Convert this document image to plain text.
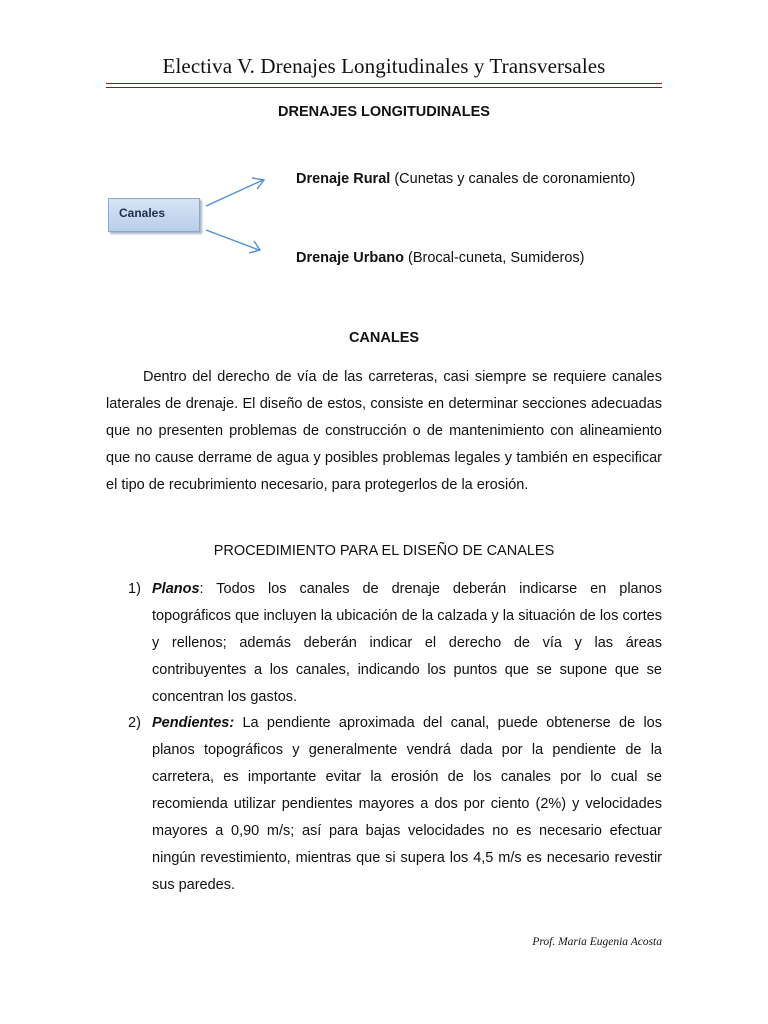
Electiva V. Drenajes Longitudinales y Transversales
DRENAJES LONGITUDINALES
Canales
Drenaje Rural (Cunetas y canales de coronamiento)
Drenaje Urbano (Brocal-cuneta, Sumideros)
CANALES
Dentro del derecho de vía de las carreteras, casi siempre se requiere canales laterales de drenaje. El diseño de estos, consiste en determinar secciones adecuadas que no presenten problemas de construcción o de mantenimiento con alineamiento que no cause derrame de agua y posibles problemas legales y también en especificar el tipo de recubrimiento necesario, para protegerlos de la erosión.
PROCEDIMIENTO PARA EL DISEÑO DE CANALES
1) Planos: Todos los canales de drenaje deberán indicarse en planos topográficos que incluyen la ubicación de la calzada y la situación de los cortes y rellenos; además deberán indicar el derecho de vía y las áreas contribuyentes a los canales, indicando los puntos que se supone que se concentran los gastos.
2) Pendientes: La pendiente aproximada del canal, puede obtenerse de los planos topográficos y generalmente vendrá dada por la pendiente de la carretera, es importante evitar la erosión de los canales por lo cual se recomienda utilizar pendientes mayores a dos por ciento (2%) y velocidades mayores a 0,90 m/s; así para bajas velocidades no es necesario efectuar ningún revestimiento, mientras que si supera los 4,5 m/s es necesario revestir sus paredes.
Prof. Maria Eugenia Acosta
